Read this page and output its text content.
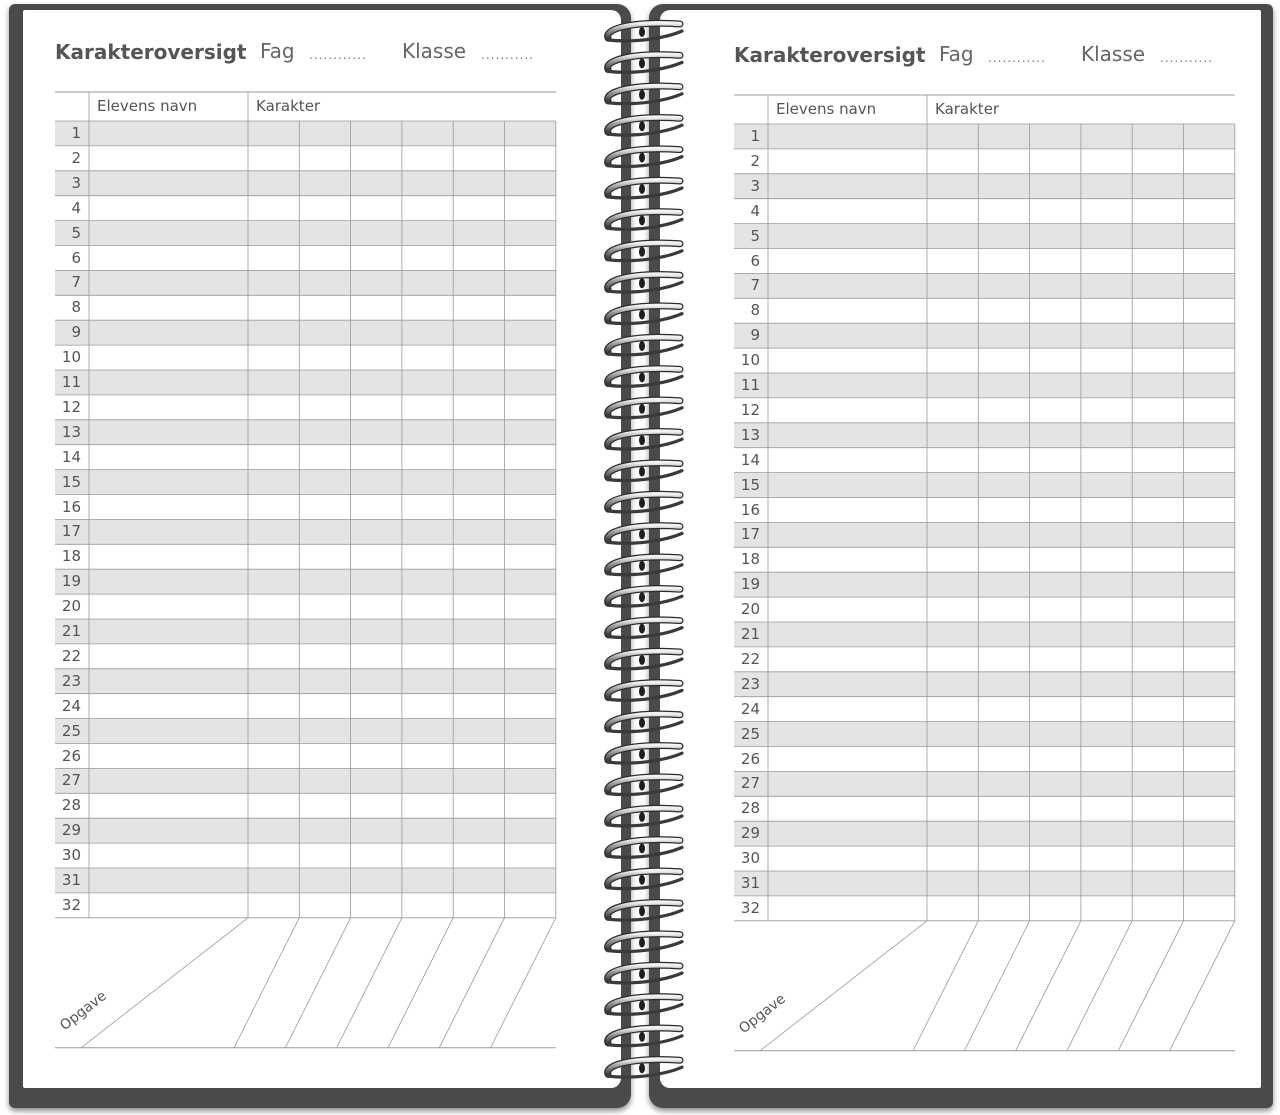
Karakteroversigt Fag ............ Klasse ...........
Elevens navn	Karakter
Opgave
1
2
3
4
5
6
7
8
9
10
11
12
13
14
15
16
17
18
19
20
21
22
23
24
25
26
27
28
29
30
31
32
Karakteroversigt Fag ............ Klasse ...........
Elevens navn	Karakter
Opgave
1
2
3
4
5
6
7
8
9
10
11
12
13
14
15
16
17
18
19
20
21
22
23
24
25
26
27
28
29
30
31
32
